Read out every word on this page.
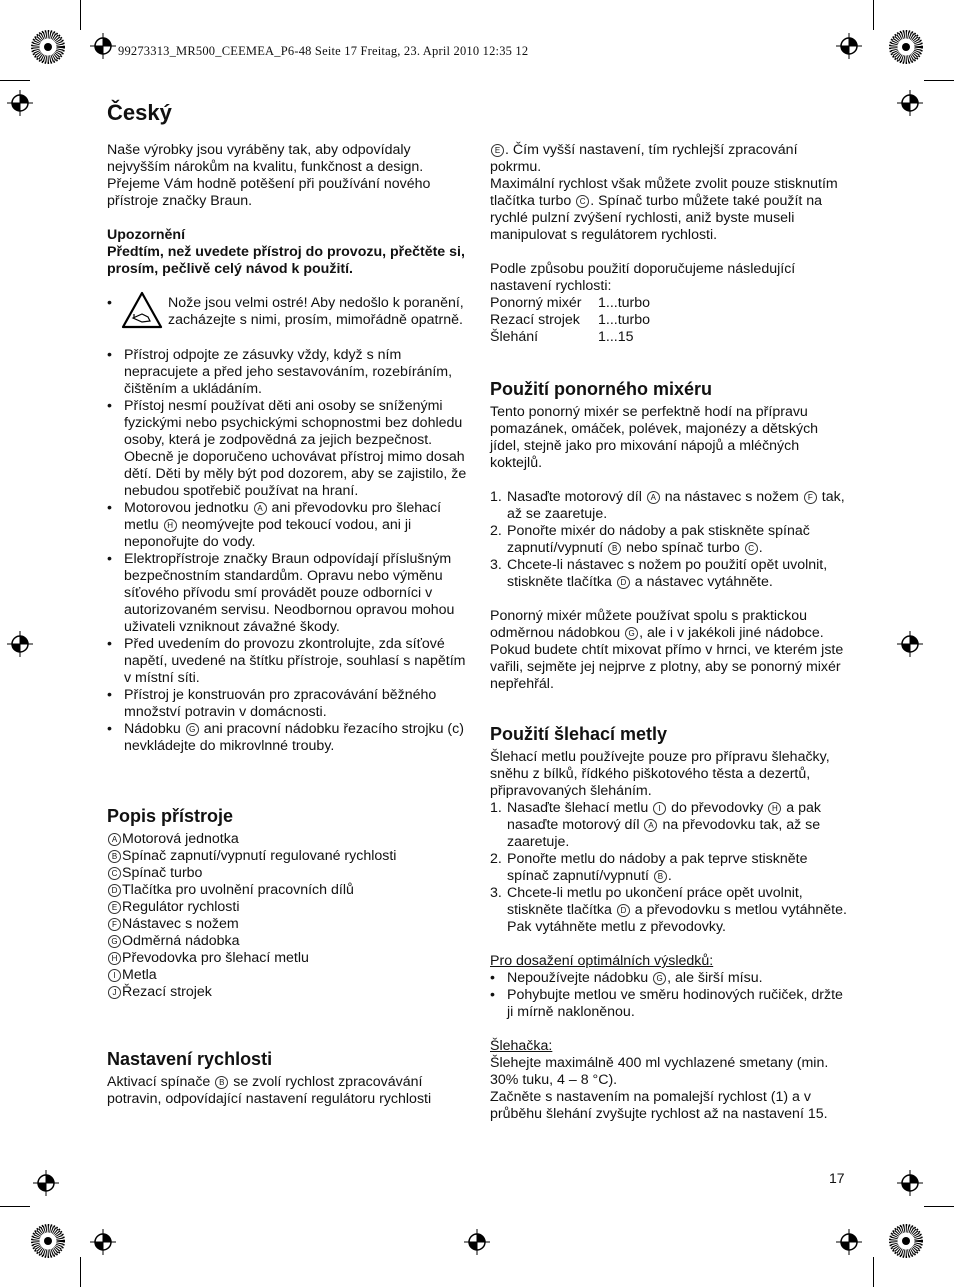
99273313_MR500_CEEMEA_P6-48 Seite 17 Freitag, 23. April 2010 12:35 12
Český

Naše výrobky jsou vyráběny tak, aby odpovídaly nejvyšším nárokům na kvalitu, funkčnost a design. Přejeme Vám hodně potěšení při používání nového přístroje značky Braun.

Upozornění

Předtím, než uvedete přístroj do provozu, přečtěte si, prosím, pečlivě celý návod k použití.

• Nože jsou velmi ostré! Aby nedošlo k poranění, zacházejte s nimi, prosím, mimořádně opatrně.
• Přístroj odpojte ze zásuvky vždy, když s ním nepracujete a před jeho sestavováním, rozebíráním, čištěním a ukládáním.
• Přístoj nesmí používat děti ani osoby se sníženými fyzickými nebo psychickými schopnostmi bez dohledu osoby, která je zodpovědná za jejich bezpečnost. Obecně je doporučeno uchovávat přístroj mimo dosah dětí. Děti by měly být pod dozorem, aby se zajistilo, že nebudou spotřebič používat na hraní.
• Motorovou jednotku A ani převodovku pro šlehací metlu H neomývejte pod tekoucí vodou, ani ji neponořujte do vody.
• Elektropřístroje značky Braun odpovídají příslušným bezpečnostním standardům. Opravu nebo výměnu síťového přívodu smí provádět pouze odborníci v autorizovaném servisu. Neodbornou opravou mohou uživateli vzniknout závažné škody.
• Před uvedením do provozu zkontrolujte, zda síťové napětí, uvedené na štítku přístroje, souhlasí s napětím v místní síti.
• Přístroj je konstruován pro zpracovávání běžného množství potravin v domácnosti.
• Nádobku G ani pracovní nádobku řezacího strojku (c) nevkládejte do mikrovlnné trouby.
Popis přístroje
A Motorová jednotka
B Spínač zapnutí/vypnutí regulované rychlosti
C Spínač turbo
D Tlačítka pro uvolnění pracovních dílů
E Regulátor rychlosti
F Nástavec s nožem
G Odměrná nádobka
H Převodovka pro šlehací metlu
I Metla
J Řezací strojek
Nastavení rychlosti

Aktivací spínače B se zvolí rychlost zpracovávání potravin, odpovídající nastavení regulátoru rychlosti

E . Čím vyšší nastavení, tím rychlejší zpracování pokrmu.
Maximální rychlost však můžete zvolit pouze stisknutím tlačítka turbo C . Spínač turbo můžete také použít na rychlé pulzní zvýšení rychlosti, aniž byste museli manipulovat s regulátorem rychlosti.

Podle způsobu použití doporučujeme následující nastavení rychlosti:

Ponorný mixér	1...turbo
Rezací strojek	1...turbo
Šlehání	1...15
Použití ponorného mixéru

Tento ponorný mixér se perfektně hodí na přípravu pomazánek, omáček, polévek, majonézy a dětských jídel, stejně jako pro mixování nápojů a mléčných koktejlů.

1. Nasaďte motorový díl A na nástavec s nožem F tak, až se zaaretuje.
2. Ponořte mixér do nádoby a pak stiskněte spínač zapnutí/vypnutí B nebo spínač turbo C .
3. Chcete-li nástavec s nožem po použití opět uvolnit, stiskněte tlačítka D a nástavec vytáhněte.

Ponorný mixér můžete používat spolu s praktickou odměrnou nádobkou G , ale i v jakékoli jiné nádobce. Pokud budete chtít mixovat přímo v hrnci, ve kterém jste vařili, sejměte jej nejprve z plotny, aby se ponorný mixér nepřehřál.

Použití šlehací metly

Šlehací metlu používejte pouze pro přípravu šlehačky, sněhu z bílků, řídkého piškotového těsta a dezertů, připravovaných šleháním.

1. Nasaďte šlehací metlu I do převodovky H a pak nasaďte motorový díl A na převodovku tak, až se zaaretuje.
2. Ponořte metlu do nádoby a pak teprve stiskněte spínač zapnutí/vypnutí B .
3. Chcete-li metlu po ukončení práce opět uvolnit, stiskněte tlačítka D a převodovku s metlou vytáhněte. Pak vytáhněte metlu z převodovky.

Pro dosažení optimálních výsledků:

• Nepoužívejte nádobku G , ale širší mísu.
• Pohybujte metlou ve směru hodinových ručiček, držte ji mírně nakloněnou.

Šlehačka:

Šlehejte maximálně 400 ml vychlazené smetany (min. 30% tuku, 4 – 8 °C).

Začněte s nastavením na pomalejší rychlost (1) a v průběhu šlehání zvyšujte rychlost až na nastavení 15.

17
